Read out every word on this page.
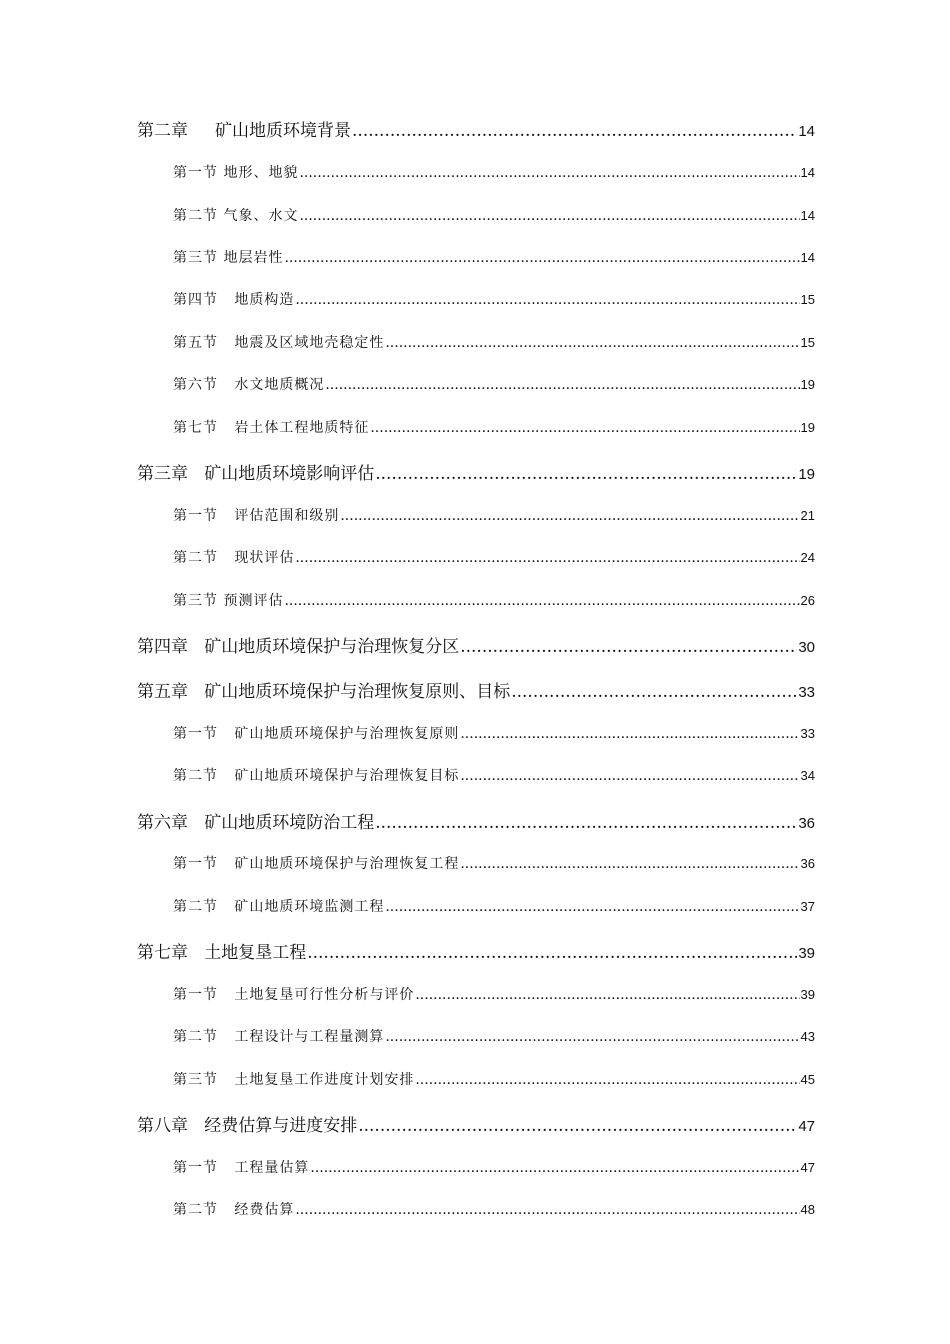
第二章     矿山地质环境背景 .....	14
第一节 地形、地貌 .....	14
第二节 气象、水文 .....	14
第三节 地层岩性 .....	14
第四节   地质构造 .....	15
第五节   地震及区域地壳稳定性 .....	15
第六节   水文地质概况 .....	19
第七节   岩土体工程地质特征 .....	19
第三章   矿山地质环境影响评估 .....	19
第一节   评估范围和级别 .....	21
第二节   现状评估 .....	24
第三节 预测评估 .....	26
第四章   矿山地质环境保护与治理恢复分区 .....	30
第五章   矿山地质环境保护与治理恢复原则、目标 .....	33
第一节   矿山地质环境保护与治理恢复原则 .....	33
第二节   矿山地质环境保护与治理恢复目标 .....	34
第六章   矿山地质环境防治工程 .....	36
第一节   矿山地质环境保护与治理恢复工程 .....	36
第二节   矿山地质环境监测工程 .....	37
第七章   土地复垦工程 .....	39
第一节   土地复垦可行性分析与评价 .....	39
第二节   工程设计与工程量测算 .....	43
第三节   土地复垦工作进度计划安排 .....	45
第八章   经费估算与进度安排 .....	47
第一节   工程量估算 .....	47
第二节   经费估算 .....	48
